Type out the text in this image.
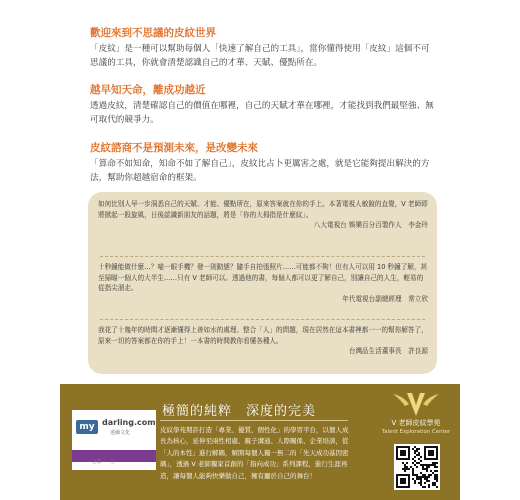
歡迎來到不思議的皮紋世界

「皮紋」是一種可以幫助每個人「快速了解自己的工具」，當你懂得使用「皮紋」這個不可思議的工具，你就會清楚認識自己的才華、天賦、優點所在。

越早知天命，離成功越近

透過皮紋，清楚確認自己的價值在哪裡，自己的天賦才華在哪裡，才能找到我們最堅強、無可取代的競爭力。

皮紋諮商不是預測未來，是改變未來

「算命不如知命，知命不如了解自己」，皮紋比占卜更厲害之處，就是它能夠提出解決的方法，幫助你超越宿命的框架。

如何比別人早一步洞悉自己的天賦、才能、優點所在，原來答案就在你的手上。本著電視人敏銳的直覺，V 老師即將掀起一股旋風，日後認識新朋友的話題，將是「你的大拇指是什麼紋」。
八大電視台 娛樂百分百製作人　李金玲
十秒鐘能做什麼…？喵一眼手機？發一則動態？隨手自拍張照片……可能都不夠！但有人可以用 10 秒鐘了解，甚至掃瞄一個人的大半生……只有 V 老師可以。透過他的書，每個人都可以更了解自己，別讓自己的人生，輕易的從指尖溜走。
年代電視台副總經理　常立欣
我花了十幾年的時間才逐漸懂得上善如水的處理、整合「人」的問題，現在居然在這本書裡都一一的幫你解答了，原來一切的答案都在你的手上！一本書的時間教你看懂各種人。
台灣品生活董事長　許良源
my darling.com
達爾文化
定價　　元
極簡的純粹　深度的完美
皮紋學苑期許打造「專業、優質、個性化」的學習平台，以個人成長為核心，延伸至兩性相處、親子溝通、人際關係、企業培訓，從「人的本性」進行解碼，解開每個人獨一無二的「先天成功基因密碼」，透過 V 老師獨家首創的「指向成功」系列課程，進行生涯再造，讓每個人能夠快樂做自己，擁有屬於自己的舞台！
V 老師皮紋學苑
Talent Exploration Center
